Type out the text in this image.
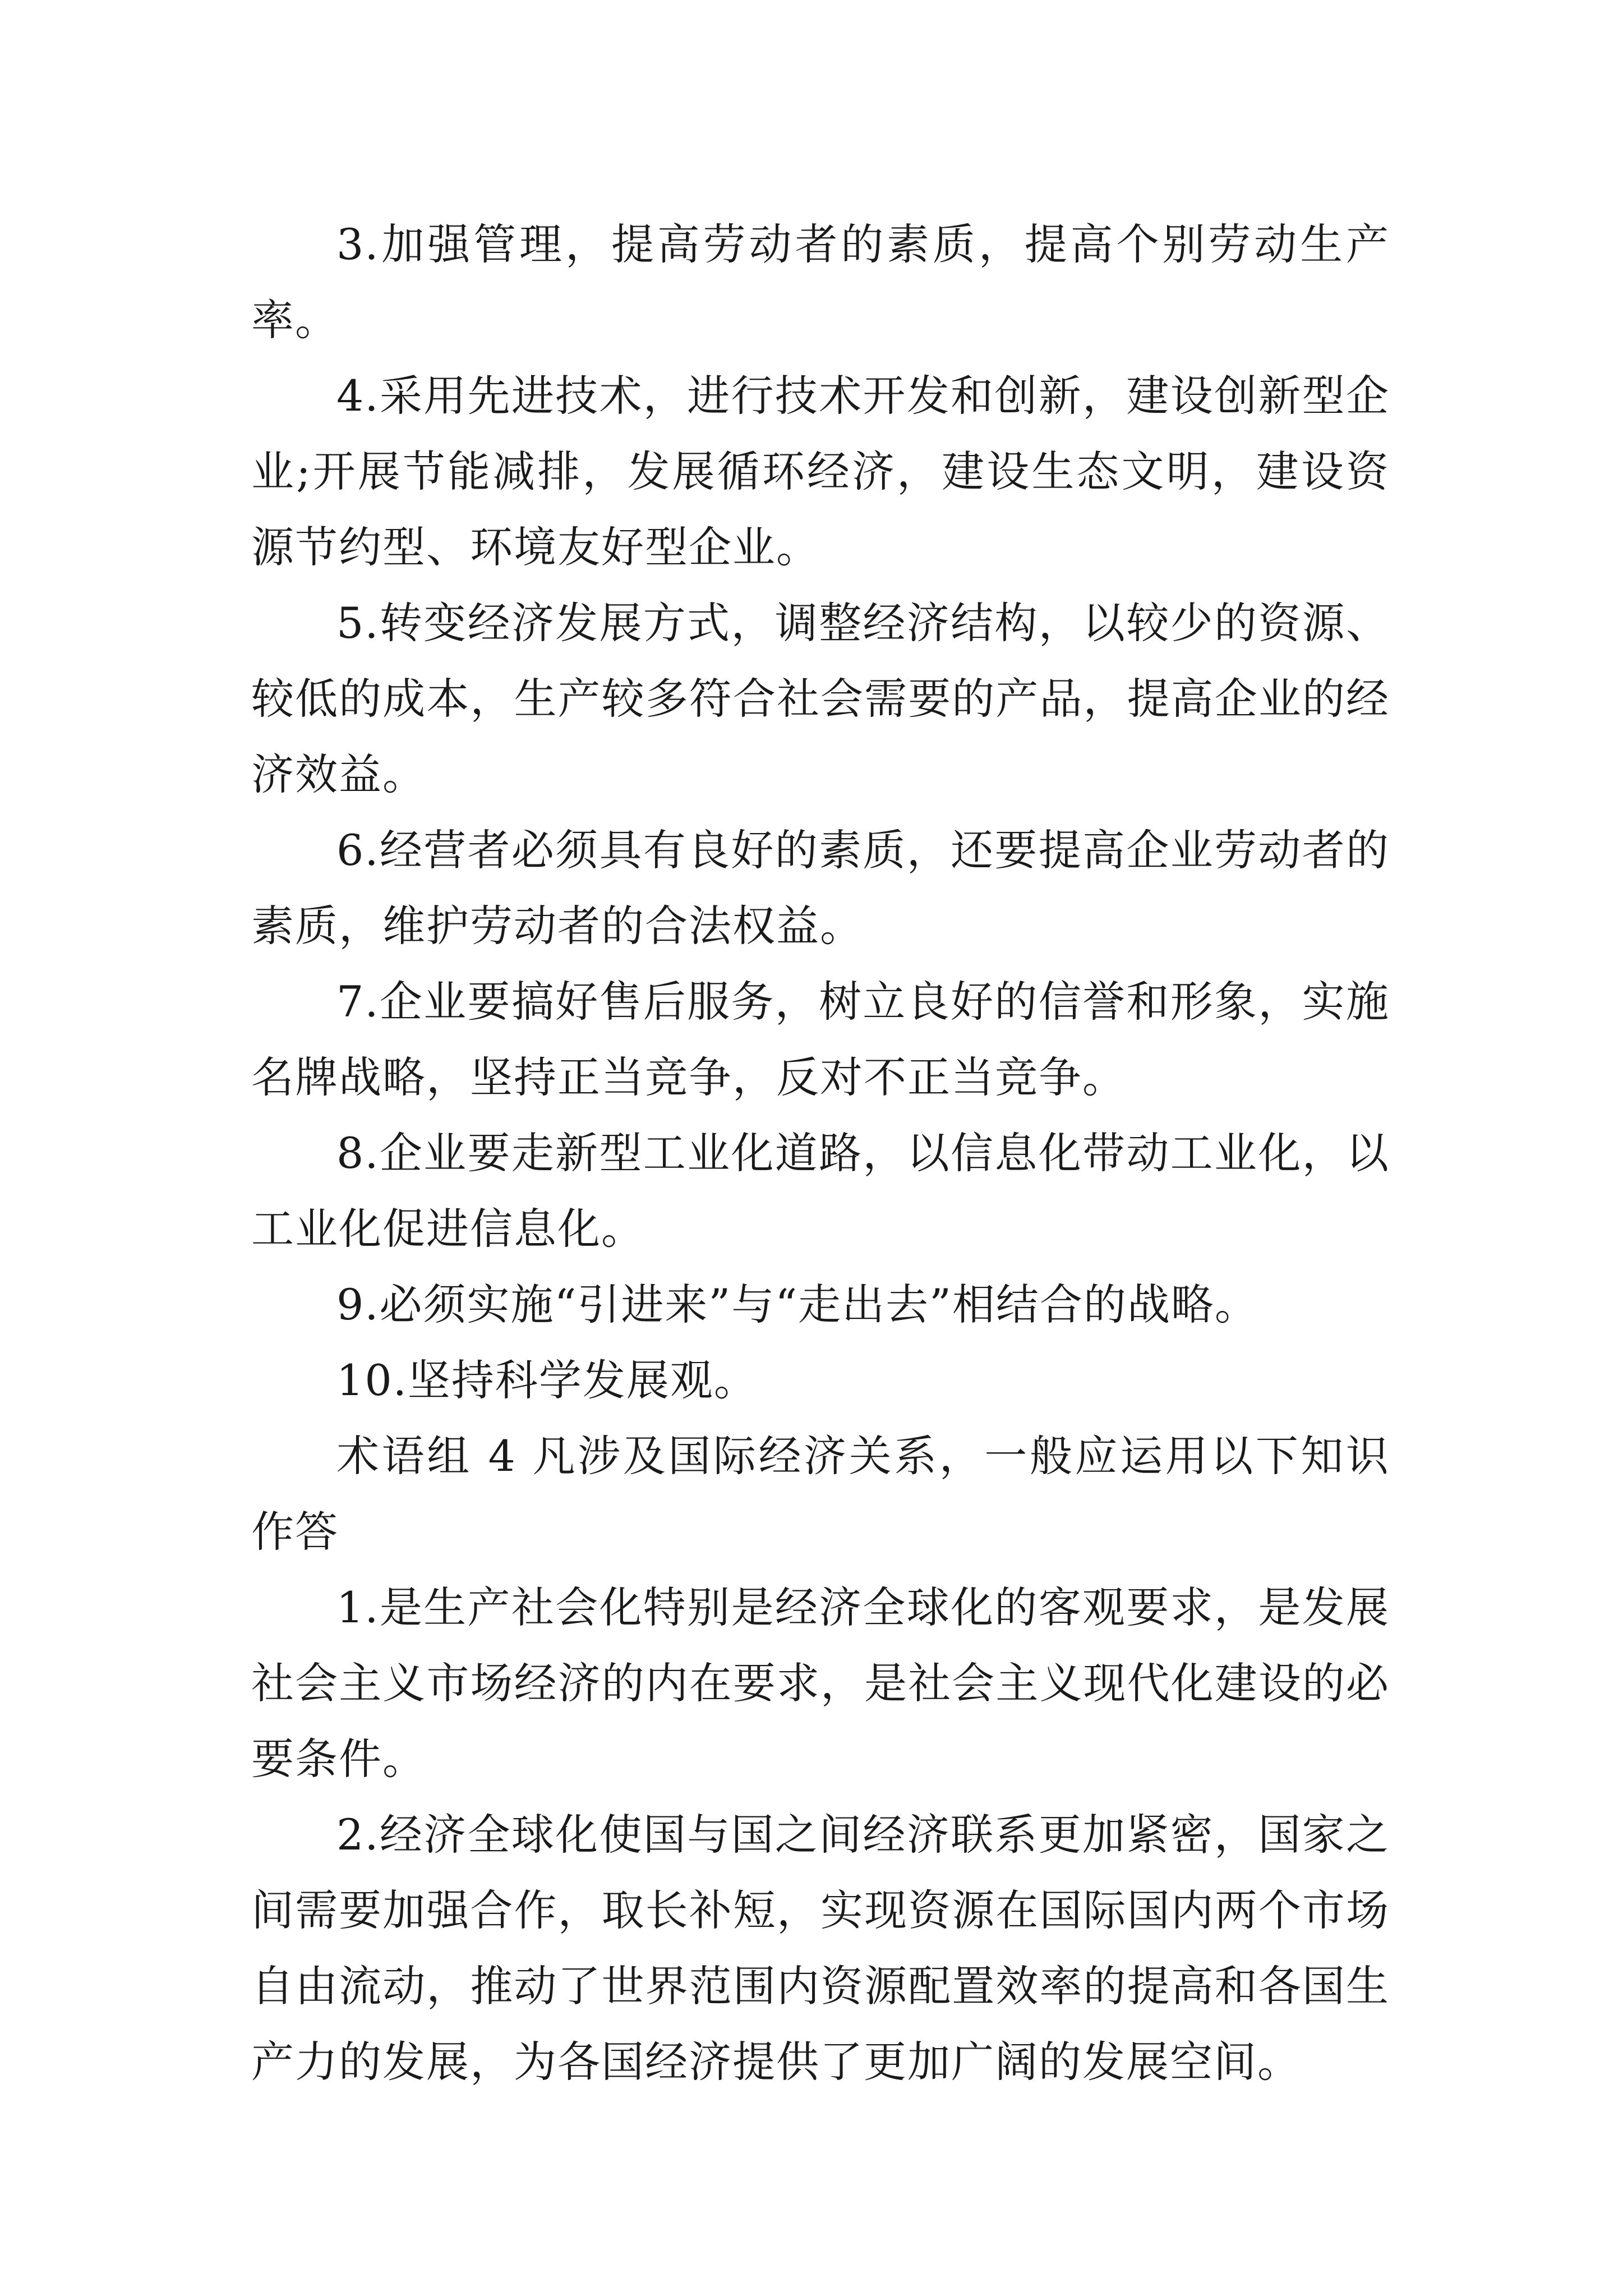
3.加强管理，提高劳动者的素质，提高个别劳动生产率。

4.采用先进技术，进行技术开发和创新，建设创新型企业;开展节能减排，发展循环经济，建设生态文明，建设资源节约型、环境友好型企业。

5.转变经济发展方式，调整经济结构，以较少的资源、较低的成本，生产较多符合社会需要的产品，提高企业的经济效益。

6.经营者必须具有良好的素质，还要提高企业劳动者的素质，维护劳动者的合法权益。

7.企业要搞好售后服务，树立良好的信誉和形象，实施名牌战略，坚持正当竞争，反对不正当竞争。

8.企业要走新型工业化道路，以信息化带动工业化，以工业化促进信息化。

9.必须实施“引进来”与“走出去”相结合的战略。

10.坚持科学发展观。

术语组 4 凡涉及国际经济关系，一般应运用以下知识作答

1.是生产社会化特别是经济全球化的客观要求，是发展社会主义市场经济的内在要求，是社会主义现代化建设的必要条件。

2.经济全球化使国与国之间经济联系更加紧密，国家之间需要加强合作，取长补短，实现资源在国际国内两个市场自由流动，推动了世界范围内资源配置效率的提高和各国生产力的发展，为各国经济提供了更加广阔的发展空间。
